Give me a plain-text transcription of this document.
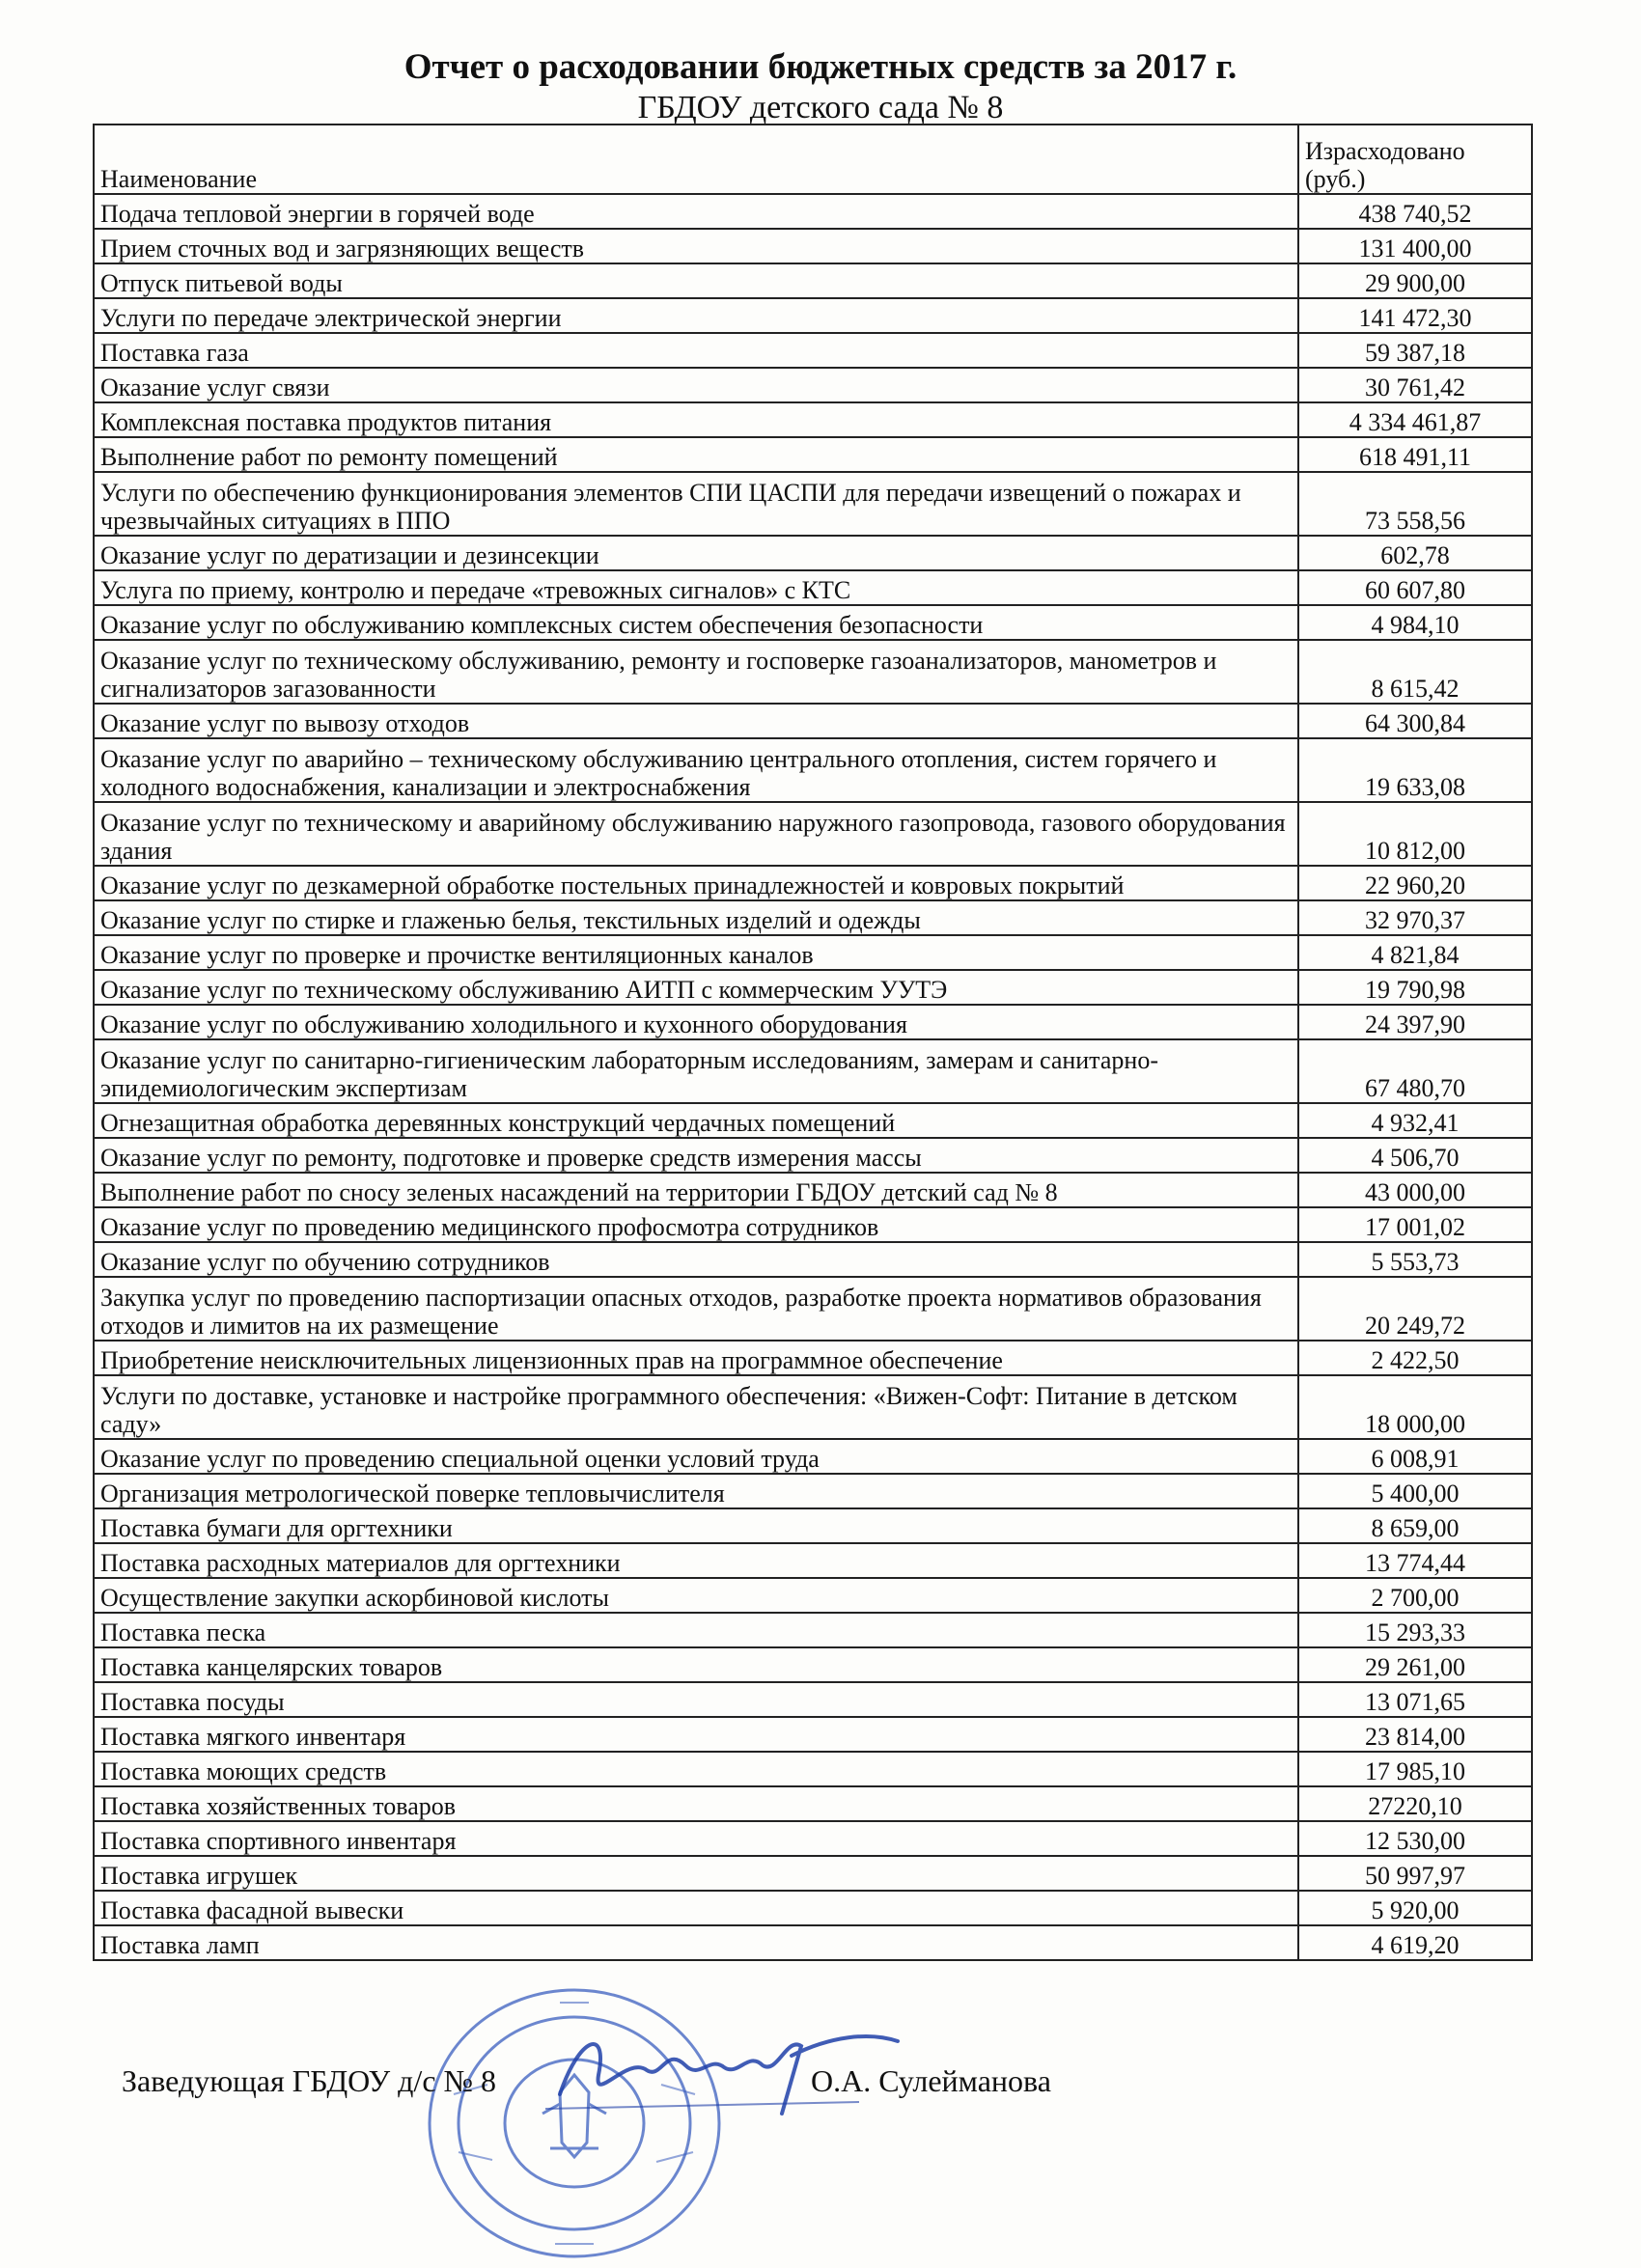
Отчет о расходовании бюджетных средств за 2017 г.
ГБДОУ детского сада № 8
Наименование	Израсходовано (руб.)
Подача тепловой энергии в горячей воде	438 740,52
Прием сточных вод и загрязняющих веществ	131 400,00
Отпуск питьевой воды	29 900,00
Услуги по передаче электрической энергии	141 472,30
Поставка газа	59 387,18
Оказание услуг связи	30 761,42
Комплексная поставка продуктов питания	4 334 461,87
Выполнение работ по ремонту помещений	618 491,11
Услуги по обеспечению функционирования элементов СПИ ЦАСПИ для передачи извещений о пожарах и чрезвычайных ситуациях в ППО	73 558,56
Оказание услуг по дератизации и дезинсекции	602,78
Услуга по приему, контролю и передаче «тревожных сигналов» с КТС	60 607,80
Оказание услуг по обслуживанию комплексных систем обеспечения безопасности	4 984,10
Оказание услуг по техническому обслуживанию, ремонту и госповерке газоанализаторов, манометров и сигнализаторов загазованности	8 615,42
Оказание услуг по вывозу отходов	64 300,84
Оказание услуг по аварийно – техническому обслуживанию центрального отопления, систем горячего и холодного водоснабжения, канализации и электроснабжения	19 633,08
Оказание услуг по техническому и аварийному обслуживанию наружного газопровода, газового оборудования здания	10 812,00
Оказание услуг по дезкамерной обработке постельных принадлежностей и ковровых покрытий	22 960,20
Оказание услуг по стирке и глаженью белья, текстильных изделий и одежды	32 970,37
Оказание услуг по проверке и прочистке вентиляционных каналов	4 821,84
Оказание услуг по техническому обслуживанию АИТП с коммерческим УУТЭ	19 790,98
Оказание услуг по обслуживанию холодильного и кухонного оборудования	24 397,90
Оказание услуг по санитарно-гигиеническим лабораторным исследованиям, замерам и санитарно-эпидемиологическим экспертизам	67 480,70
Огнезащитная обработка деревянных конструкций чердачных помещений	4 932,41
Оказание услуг по ремонту, подготовке и проверке средств измерения массы	4 506,70
Выполнение работ по сносу зеленых насаждений на территории ГБДОУ детский сад № 8	43 000,00
Оказание услуг по проведению медицинского профосмотра сотрудников	17 001,02
Оказание услуг по обучению сотрудников	5 553,73
Закупка услуг по проведению паспортизации опасных отходов, разработке проекта нормативов образования отходов и лимитов на их размещение	20 249,72
Приобретение неисключительных лицензионных прав на программное обеспечение	2 422,50
Услуги по доставке, установке и настройке программного обеспечения: «Вижен-Софт: Питание в детском саду»	18 000,00
Оказание услуг по проведению специальной оценки условий труда	6 008,91
Организация метрологической поверке тепловычислителя	5 400,00
Поставка бумаги для оргтехники	8 659,00
Поставка расходных материалов для оргтехники	13 774,44
Осуществление закупки аскорбиновой кислоты	2 700,00
Поставка песка	15 293,33
Поставка канцелярских товаров	29 261,00
Поставка посуды	13 071,65
Поставка мягкого инвентаря	23 814,00
Поставка моющих средств	17 985,10
Поставка хозяйственных товаров	27220,10
Поставка спортивного инвентаря	12 530,00
Поставка игрушек	50 997,97
Поставка фасадной вывески	5 920,00
Поставка ламп	4 619,20
Заведующая ГБДОУ д/с № 8	О.А. Сулейманова
